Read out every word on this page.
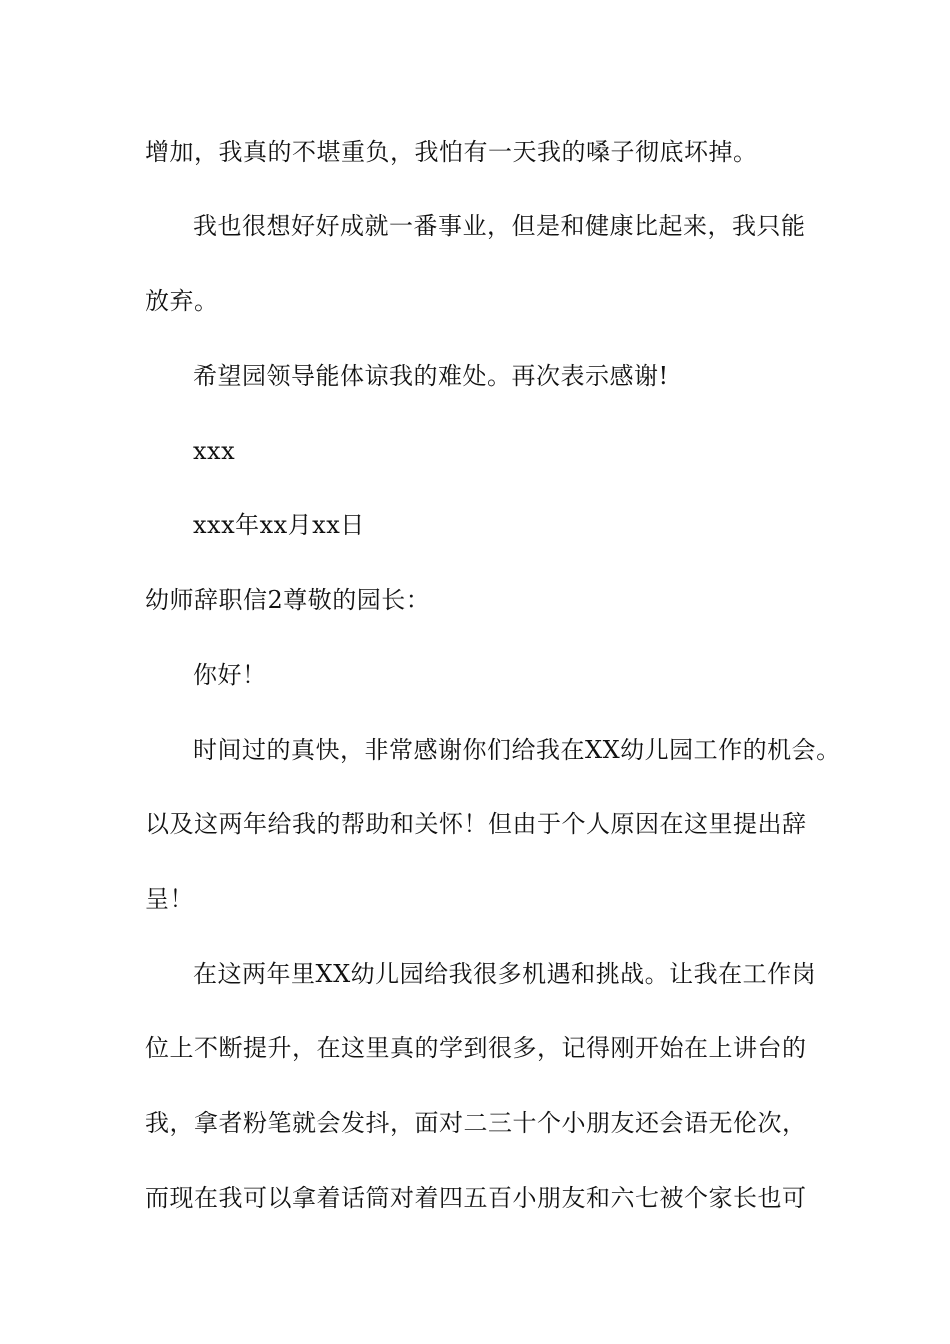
增加，我真的不堪重负，我怕有一天我的嗓子彻底坏掉。
我也很想好好成就一番事业，但是和健康比起来，我只能
放弃。
希望园领导能体谅我的难处。再次表示感谢!
xxx
xxx年xx月xx日
幼师辞职信2尊敬的园长：
你好！
时间过的真快，非常感谢你们给我在XX幼儿园工作的机会。
以及这两年给我的帮助和关怀！但由于个人原因在这里提出辞
呈！
在这两年里XX幼儿园给我很多机遇和挑战。让我在工作岗
位上不断提升，在这里真的学到很多，记得刚开始在上讲台的
我，拿者粉笔就会发抖，面对二三十个小朋友还会语无伦次，
而现在我可以拿着话筒对着四五百小朋友和六七被个家长也可
